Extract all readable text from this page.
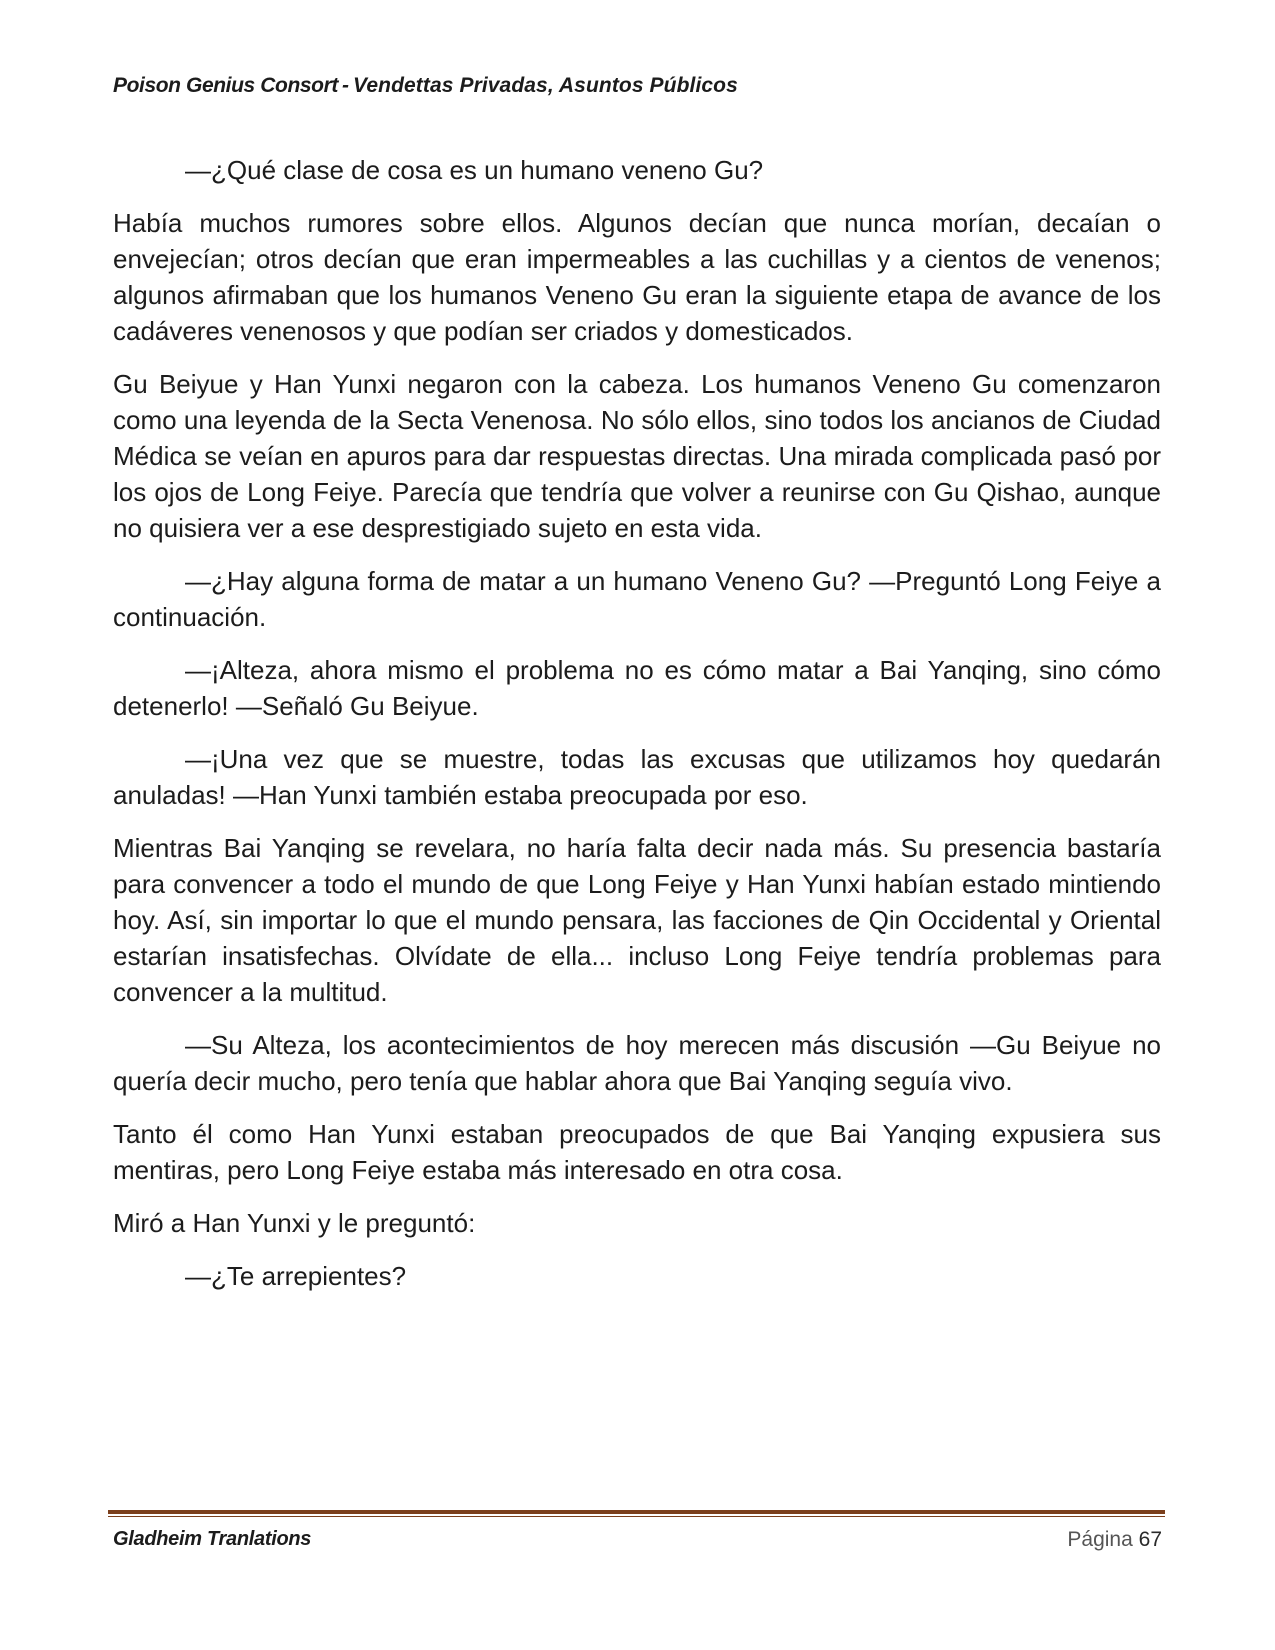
Poison Genius Consort - Vendettas Privadas, Asuntos Públicos

—¿Qué clase de cosa es un humano veneno Gu?

Había muchos rumores sobre ellos. Algunos decían que nunca morían, decaían o envejecían; otros decían que eran impermeables a las cuchillas y a cientos de venenos; algunos afirmaban que los humanos Veneno Gu eran la siguiente etapa de avance de los cadáveres venenosos y que podían ser criados y domesticados.

Gu Beiyue y Han Yunxi negaron con la cabeza. Los humanos Veneno Gu comenzaron como una leyenda de la Secta Venenosa. No sólo ellos, sino todos los ancianos de Ciudad Médica se veían en apuros para dar respuestas directas. Una mirada complicada pasó por los ojos de Long Feiye. Parecía que tendría que volver a reunirse con Gu Qishao, aunque no quisiera ver a ese desprestigiado sujeto en esta vida.

—¿Hay alguna forma de matar a un humano Veneno Gu? —Preguntó Long Feiye a continuación.

—¡Alteza, ahora mismo el problema no es cómo matar a Bai Yanqing, sino cómo detenerlo! —Señaló Gu Beiyue.

—¡Una vez que se muestre, todas las excusas que utilizamos hoy quedarán anuladas! —Han Yunxi también estaba preocupada por eso.

Mientras Bai Yanqing se revelara, no haría falta decir nada más. Su presencia bastaría para convencer a todo el mundo de que Long Feiye y Han Yunxi habían estado mintiendo hoy. Así, sin importar lo que el mundo pensara, las facciones de Qin Occidental y Oriental estarían insatisfechas. Olvídate de ella... incluso Long Feiye tendría problemas para convencer a la multitud.

—Su Alteza, los acontecimientos de hoy merecen más discusión —Gu Beiyue no quería decir mucho, pero tenía que hablar ahora que Bai Yanqing seguía vivo.

Tanto él como Han Yunxi estaban preocupados de que Bai Yanqing expusiera sus mentiras, pero Long Feiye estaba más interesado en otra cosa.

Miró a Han Yunxi y le preguntó:

—¿Te arrepientes?

Gladheim Tranlations	Página 67
